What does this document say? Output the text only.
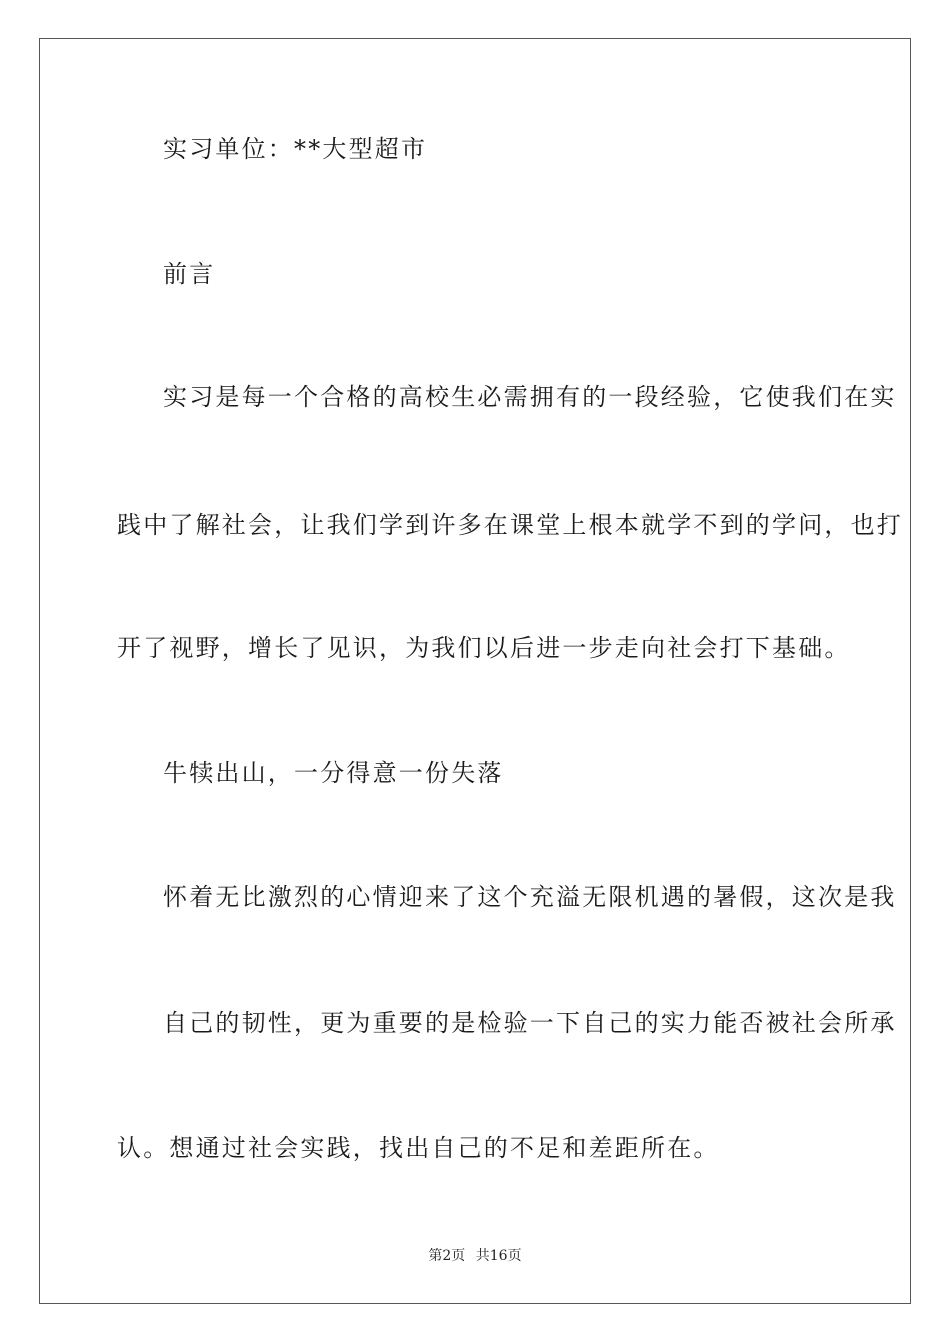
实习单位：**大型超市
前言
实习是每一个合格的高校生必需拥有的一段经验，它使我们在实
践中了解社会，让我们学到许多在课堂上根本就学不到的学问，也打
开了视野，增长了见识，为我们以后进一步走向社会打下基础。
牛犊出山，一分得意一份失落
怀着无比激烈的心情迎来了这个充溢无限机遇的暑假，这次是我
自己的韧性，更为重要的是检验一下自己的实力能否被社会所承
认。想通过社会实践，找出自己的不足和差距所在。
第2页 共16页
